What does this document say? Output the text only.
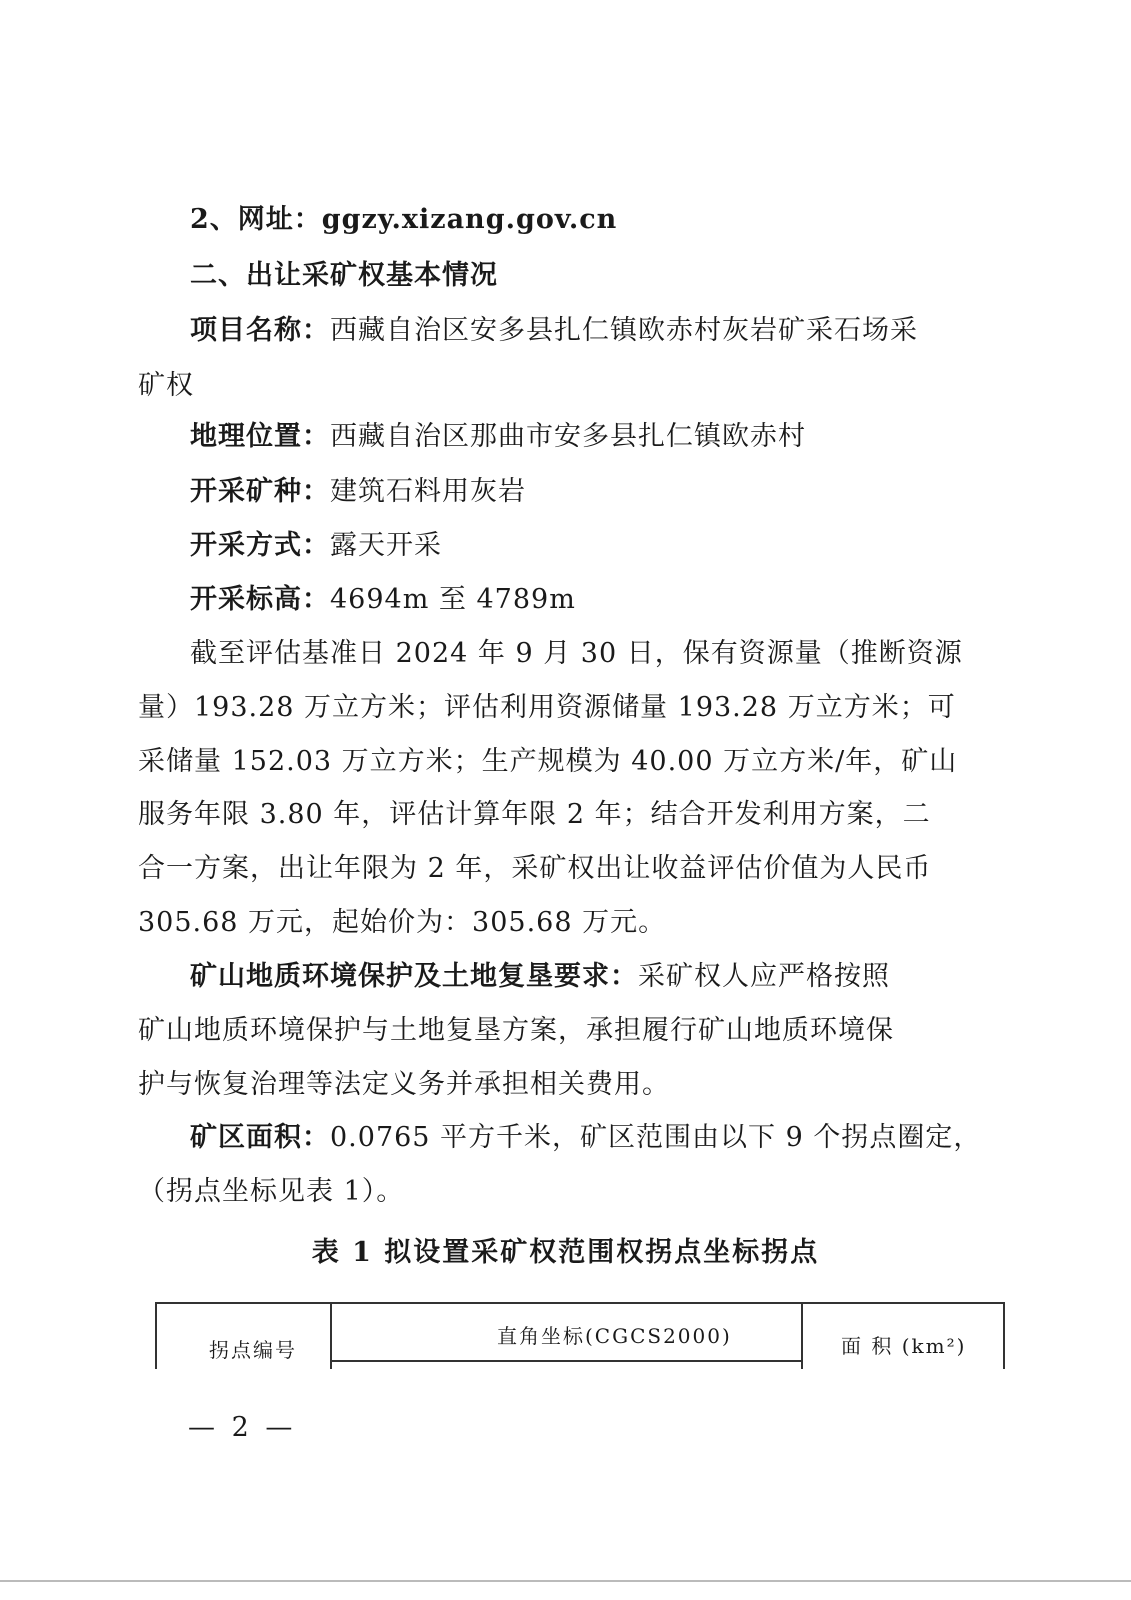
2、网址：ggzy.xizang.gov.cn
二、出让采矿权基本情况
项目名称：西藏自治区安多县扎仁镇欧赤村灰岩矿采石场采
矿权
地理位置：西藏自治区那曲市安多县扎仁镇欧赤村
开采矿种：建筑石料用灰岩
开采方式：露天开采
开采标高：4694m 至 4789m
截至评估基准日 2024 年 9 月 30 日，保有资源量（推断资源
量）193.28 万立方米；评估利用资源储量 193.28 万立方米；可
采储量 152.03 万立方米；生产规模为 40.00 万立方米/年，矿山
服务年限 3.80 年，评估计算年限 2 年；结合开发利用方案，二
合一方案，出让年限为 2 年，采矿权出让收益评估价值为人民币
305.68 万元，起始价为：305.68 万元。
矿山地质环境保护及土地复垦要求：采矿权人应严格按照
矿山地质环境保护与土地复垦方案，承担履行矿山地质环境保
护与恢复治理等法定义务并承担相关费用。
矿区面积：0.0765 平方千米，矿区范围由以下 9 个拐点圈定，
（拐点坐标见表 1）。
表 1 拟设置采矿权范围权拐点坐标拐点
拐点编号
直角坐标(CGCS2000)	面 积 (km²)
— 2 —
